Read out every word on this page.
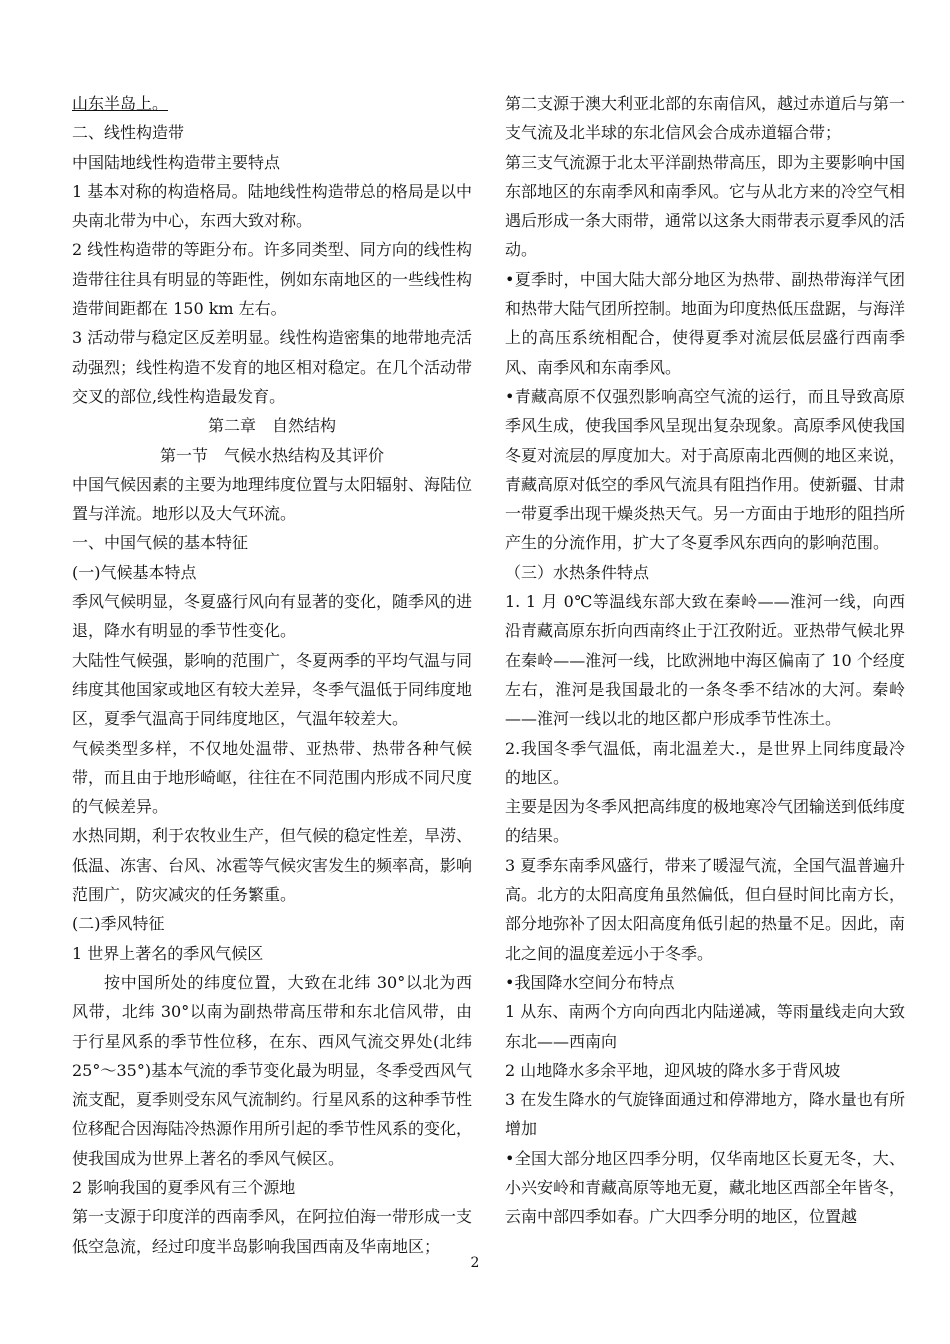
山东半岛上。

二、线性构造带

中国陆地线性构造带主要特点

1 基本对称的构造格局。陆地线性构造带总的格局是以中央南北带为中心，东西大致对称。

2 线性构造带的等距分布。许多同类型、同方向的线性构造带往往具有明显的等距性，例如东南地区的一些线性构造带间距都在 150 km 左右。

3 活动带与稳定区反差明显。线性构造密集的地带地壳活动强烈；线性构造不发育的地区相对稳定。在几个活动带交叉的部位,线性构造最发育。

第二章　自然结构

第一节　气候水热结构及其评价

中国气候因素的主要为地理纬度位置与太阳辐射、海陆位置与洋流。地形以及大气环流。

一、中国气候的基本特征

(一)气候基本特点

季风气候明显，冬夏盛行风向有显著的变化，随季风的进退，降水有明显的季节性变化。

大陆性气候强，影响的范围广，冬夏两季的平均气温与同纬度其他国家或地区有较大差异，冬季气温低于同纬度地区，夏季气温高于同纬度地区，气温年较差大。

气候类型多样，不仅地处温带、亚热带、热带各种气候带，而且由于地形崎岖，往往在不同范围内形成不同尺度的气候差异。

水热同期，利于农牧业生产，但气候的稳定性差，旱涝、低温、冻害、台风、冰雹等气候灾害发生的频率高，影响范围广，防灾减灾的任务繁重。

(二)季风特征

1 世界上著名的季风气候区

按中国所处的纬度位置，大致在北纬 30°以北为西风带，北纬 30°以南为副热带高压带和东北信风带，由于行星风系的季节性位移，在东、西风气流交界处(北纬 25°～35°)基本气流的季节变化最为明显，冬季受西风气流支配，夏季则受东风气流制约。行星风系的这种季节性位移配合因海陆冷热源作用所引起的季节性风系的变化，使我国成为世界上著名的季风气候区。

2 影响我国的夏季风有三个源地

第一支源于印度洋的西南季风，在阿拉伯海一带形成一支低空急流，经过印度半岛影响我国西南及华南地区；

第二支源于澳大利亚北部的东南信风，越过赤道后与第一支气流及北半球的东北信风会合成赤道辐合带；

第三支气流源于北太平洋副热带高压，即为主要影响中国东部地区的东南季风和南季风。它与从北方来的冷空气相遇后形成一条大雨带，通常以这条大雨带表示夏季风的活动。

•夏季时，中国大陆大部分地区为热带、副热带海洋气团和热带大陆气团所控制。地面为印度热低压盘踞，与海洋上的高压系统相配合，使得夏季对流层低层盛行西南季风、南季风和东南季风。

•青藏高原不仅强烈影响高空气流的运行，而且导致高原季风生成，使我国季风呈现出复杂现象。高原季风使我国冬夏对流层的厚度加大。对于高原南北西侧的地区来说，青藏高原对低空的季风气流具有阻挡作用。使新疆、甘肃一带夏季出现干燥炎热天气。另一方面由于地形的阻挡所产生的分流作用，扩大了冬夏季风东西向的影响范围。

（三）水热条件特点

1. 1 月 0℃等温线东部大致在秦岭——淮河一线，向西沿青藏高原东折向西南终止于江孜附近。亚热带气候北界在秦岭——淮河一线，比欧洲地中海区偏南了 10 个经度左右，淮河是我国最北的一条冬季不结冰的大河。秦岭——淮河一线以北的地区都户形成季节性冻土。

2.我国冬季气温低，南北温差大.，是世界上同纬度最冷的地区。

主要是因为冬季风把高纬度的极地寒冷气团输送到低纬度的结果。

3 夏季东南季风盛行，带来了暖湿气流，全国气温普遍升高。北方的太阳高度角虽然偏低，但白昼时间比南方长，部分地弥补了因太阳高度角低引起的热量不足。因此，南北之间的温度差远小于冬季。

•我国降水空间分布特点

1 从东、南两个方向向西北内陆递减，等雨量线走向大致东北——西南向

2 山地降水多余平地，迎风坡的降水多于背风坡

3 在发生降水的气旋锋面通过和停滞地方，降水量也有所增加

•全国大部分地区四季分明，仅华南地区长夏无冬，大、小兴安岭和青藏高原等地无夏，藏北地区西部全年皆冬，云南中部四季如春。广大四季分明的地区，位置越

2
